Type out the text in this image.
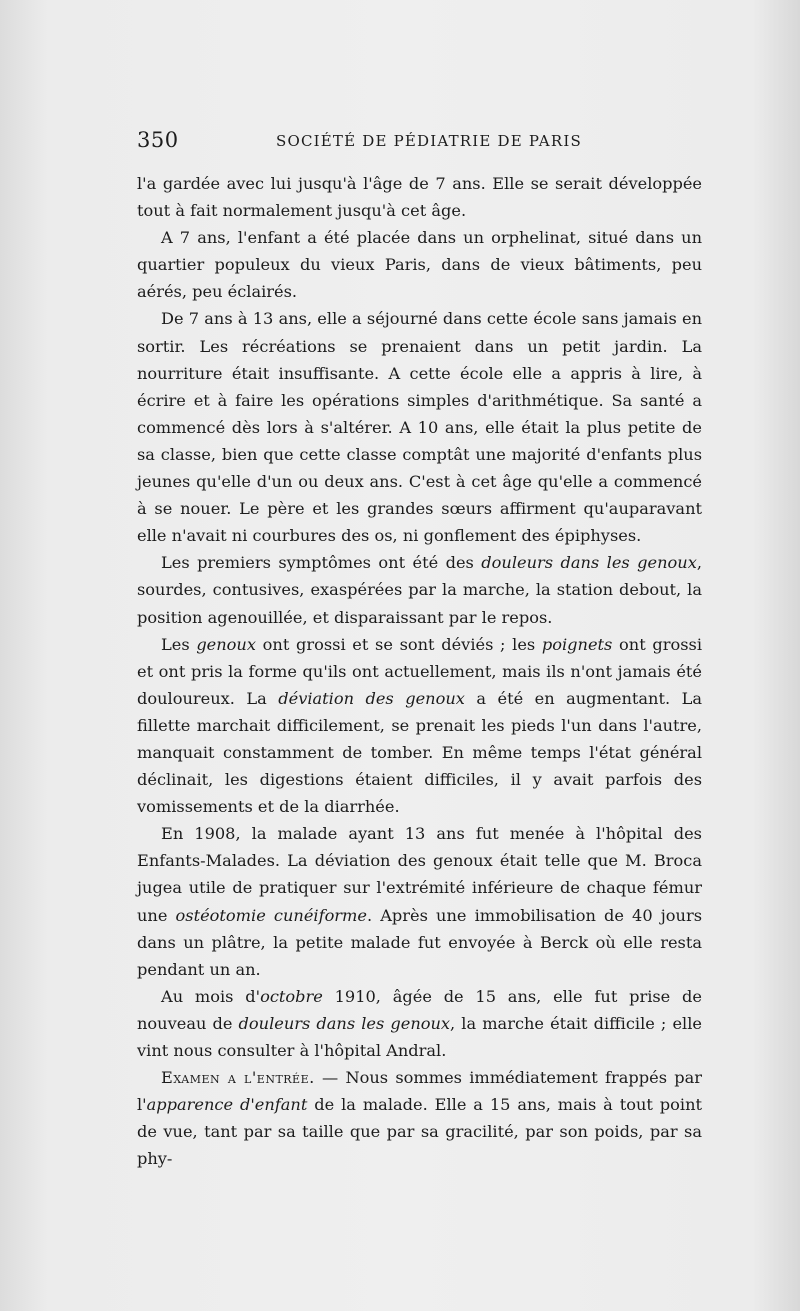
350	SOCIÉTÉ DE PÉDIATRIE DE PARIS

l'a gardée avec lui jusqu'à l'âge de 7 ans. Elle se serait développée tout à fait normalement jusqu'à cet âge.

A 7 ans, l'enfant a été placée dans un orphelinat, situé dans un quartier populeux du vieux Paris, dans de vieux bâtiments, peu aérés, peu éclairés.

De 7 ans à 13 ans, elle a séjourné dans cette école sans jamais en sortir. Les récréations se prenaient dans un petit jardin. La nourriture était insuffisante. A cette école elle a appris à lire, à écrire et à faire les opérations simples d'arithmétique. Sa santé a commencé dès lors à s'altérer. A 10 ans, elle était la plus petite de sa classe, bien que cette classe comptât une majorité d'enfants plus jeunes qu'elle d'un ou deux ans. C'est à cet âge qu'elle a commencé à se nouer. Le père et les grandes sœurs affirment qu'auparavant elle n'avait ni courbures des os, ni gonflement des épiphyses.

Les premiers symptômes ont été des douleurs dans les genoux, sourdes, contusives, exaspérées par la marche, la station debout, la position agenouillée, et disparaissant par le repos.

Les genoux ont grossi et se sont déviés ; les poignets ont grossi et ont pris la forme qu'ils ont actuellement, mais ils n'ont jamais été douloureux. La déviation des genoux a été en augmentant. La fillette marchait difficilement, se prenait les pieds l'un dans l'autre, manquait constamment de tomber. En même temps l'état général déclinait, les digestions étaient difficiles, il y avait parfois des vomissements et de la diarrhée.

En 1908, la malade ayant 13 ans fut menée à l'hôpital des Enfants-Malades. La déviation des genoux était telle que M. Broca jugea utile de pratiquer sur l'extrémité inférieure de chaque fémur une ostéotomie cunéiforme. Après une immobilisation de 40 jours dans un plâtre, la petite malade fut envoyée à Berck où elle resta pendant un an.

Au mois d'octobre 1910, âgée de 15 ans, elle fut prise de nouveau de douleurs dans les genoux, la marche était difficile ; elle vint nous consulter à l'hôpital Andral.

Examen a l'entrée. — Nous sommes immédiatement frappés par l'apparence d'enfant de la malade. Elle a 15 ans, mais à tout point de vue, tant par sa taille que par sa gracilité, par son poids, par sa phy-
